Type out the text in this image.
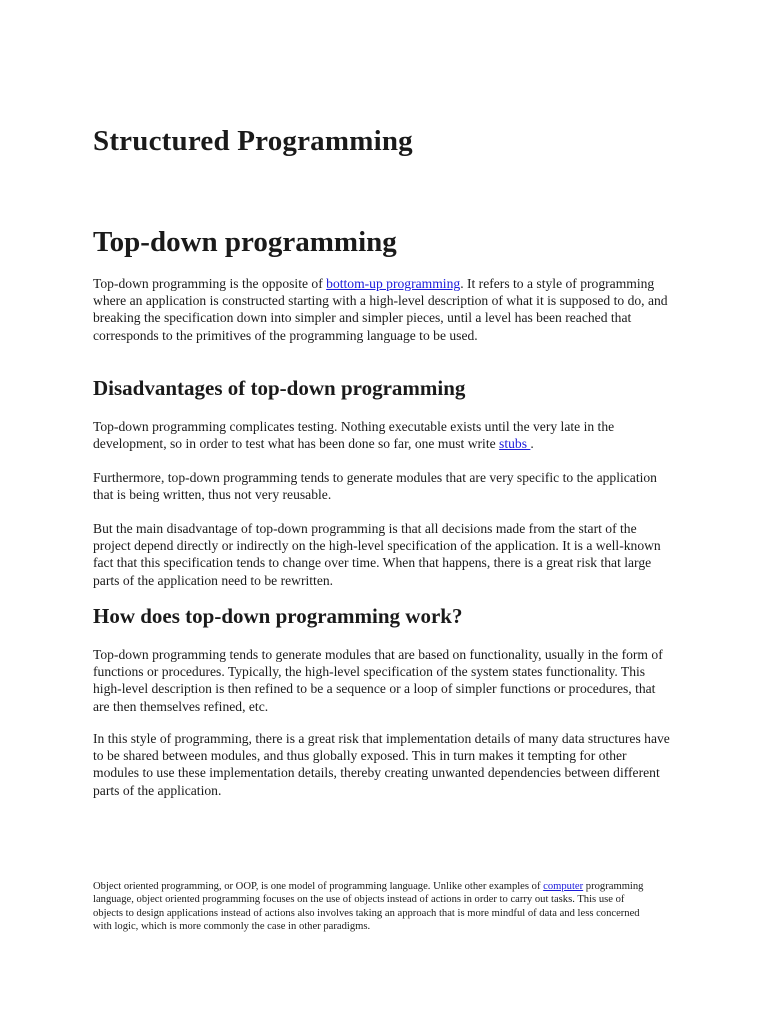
Structured Programming
Top-down programming

Top-down programming is the opposite of bottom-up programming. It refers to a style of programming where an application is constructed starting with a high-level description of what it is supposed to do, and breaking the specification down into simpler and simpler pieces, until a level has been reached that corresponds to the primitives of the programming language to be used.

Disadvantages of top-down programming

Top-down programming complicates testing. Nothing executable exists until the very late in the development, so in order to test what has been done so far, one must write stubs .

Furthermore, top-down programming tends to generate modules that are very specific to the application that is being written, thus not very reusable.

But the main disadvantage of top-down programming is that all decisions made from the start of the project depend directly or indirectly on the high-level specification of the application. It is a well-known fact that this specification tends to change over time. When that happens, there is a great risk that large parts of the application need to be rewritten.

How does top-down programming work?

Top-down programming tends to generate modules that are based on functionality, usually in the form of functions or procedures. Typically, the high-level specification of the system states functionality. This high-level description is then refined to be a sequence or a loop of simpler functions or procedures, that are then themselves refined, etc.

In this style of programming, there is a great risk that implementation details of many data structures have to be shared between modules, and thus globally exposed. This in turn makes it tempting for other modules to use these implementation details, thereby creating unwanted dependencies between different parts of the application.

Object oriented programming, or OOP, is one model of programming language. Unlike other examples of computer programming language, object oriented programming focuses on the use of objects instead of actions in order to carry out tasks. This use of objects to design applications instead of actions also involves taking an approach that is more mindful of data and less concerned with logic, which is more commonly the case in other paradigms.
